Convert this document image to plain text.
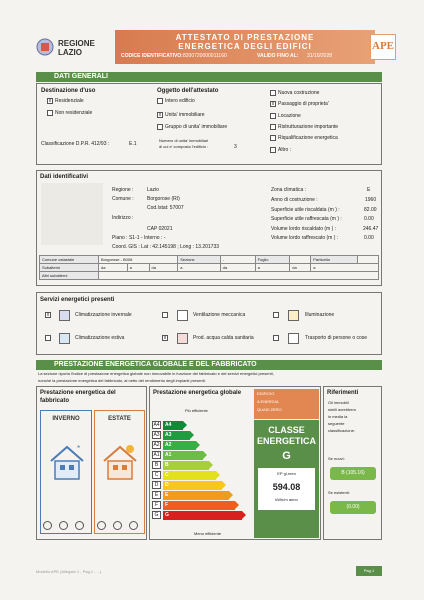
REGIONE
LAZIO
ATTESTATO DI PRESTAZIONE
ENERGETICA DEGLI EDIFICI
CODICE IDENTIFICATIVO: 8200720000011160	VALIDO FINO AL: 31/10/2028
APE
DATI GENERALI
Destinazione d'uso
x Residenziale
Non residenziale
Classificazione D.P.R. 412/93 :	E.1
Oggetto dell'attestato
Intero edificio
x Unita' immobiliare
Gruppo di unita' immobiliare
Numero di unita' immobiliari
di cui e' composto l'edificio :	3
Nuova costruzione
x Passaggio di proprieta'
Locazione
Ristrutturazione importante
Riqualificazione energetica
Altro :
Dati identificativi
Regione :	Lazio
Comune :	Borgorose (RI)
Cod.Istat: 57007
Indirizzo :
CAP 02021
Piano : S1-1 - Interno : -
Coord. GIS : Lat : 42.145198 ; Long : 13.201733
Zona climatica :	E
Anno di costruzione :	1960
Superficie utile riscaldata (m ) :	82.00
Superficie utile raffrescata (m ) :	0.00
Volume lordo riscaldato (m ) :	246.47
Volume lordo raffrescato (m ) :	0.00
Comune catastale	Borgorose - B008			Sezione	-	Foglio		Particella	
Subalterni	da	a	da	a	da	a	da	a	
Altri subalterni									
Servizi energetici presenti
x	Climatizzazione invernale	Ventilazione meccanica	Illuminazione
Climatizzazione estiva	x	Prod. acqua calda sanitaria	Trasporto di persone o cose
PRESTAZIONE ENERGETICA GLOBALE E DEL FABBRICATO
La sezione riporta l'indice di prestazione energetica globale non rinnovabile in funzione del fabbricato e dei servizi energetici presenti,
nonché la prestazione energetica del fabbricato, al netto del rendimento degli impianti presenti.
Prestazione energetica del
fabbricato
INVERNO
*
ESTATE
Prestazione energetica globale
Più efficiente
A4	A4
A3	A3
A2	A2
A1	A1
B	B
C	C
D	D
E	E
F	F
G	G
Meno efficiente
EDIFICIO
A ENERGIA
QUASI ZERO
CLASSE
ENERGETICA
G
EP gl,nren
594.08
kWh/m anno
Riferimenti
Gli immobili
simili avrebbero
in media la
seguente
classificazione:
Se nuovi:
B (105.16)
Se esistenti:
(0.00)
Modello APE (Allegato 1 - Pag.1 - ...)	Pag.1
